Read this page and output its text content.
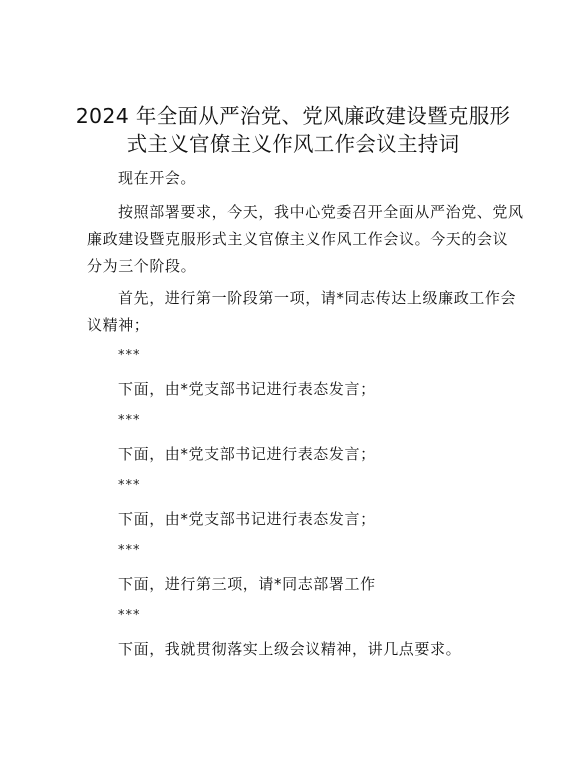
2024 年全面从严治党、党风廉政建设暨克服形
式主义官僚主义作风工作会议主持词
现在开会。
按照部署要求，今天，我中心党委召开全面从严治党、党风
廉政建设暨克服形式主义官僚主义作风工作会议。今天的会议
分为三个阶段。
首先，进行第一阶段第一项，请*同志传达上级廉政工作会
议精神；
***
下面，由*党支部书记进行表态发言；
***
下面，由*党支部书记进行表态发言；
***
下面，由*党支部书记进行表态发言；
***
下面，进行第三项，请*同志部署工作
***
下面，我就贯彻落实上级会议精神，讲几点要求。
